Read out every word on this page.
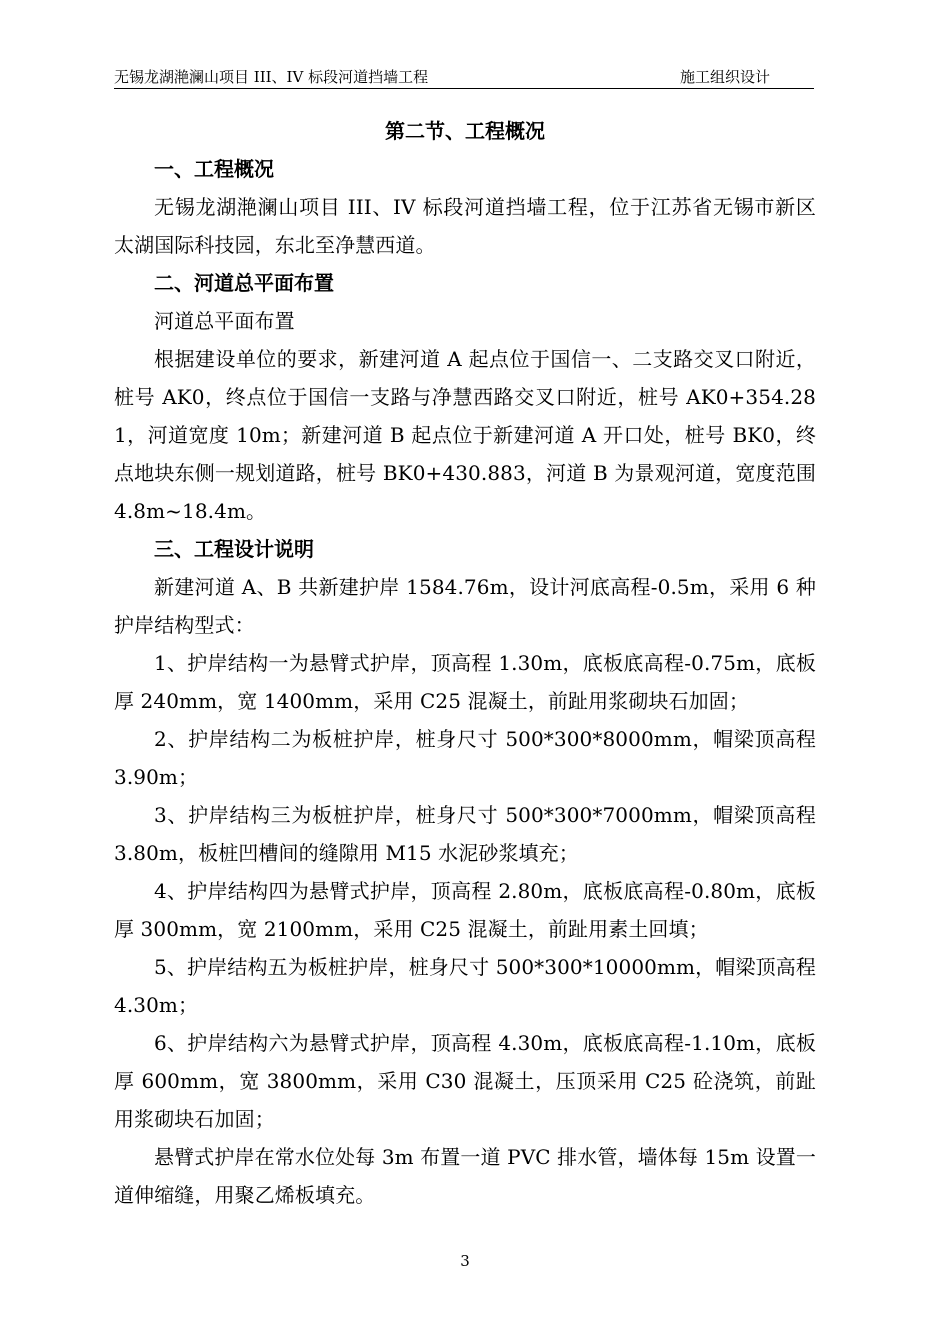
无锡龙湖滟澜山项目 III、IV 标段河道挡墙工程	施工组织设计
第二节、工程概况
一、工程概况

无锡龙湖滟澜山项目 III、IV 标段河道挡墙工程，位于江苏省无锡市新区太湖国际科技园，东北至净慧西道。

二、河道总平面布置

河道总平面布置

根据建设单位的要求，新建河道 A 起点位于国信一、二支路交叉口附近，桩号 AK0，终点位于国信一支路与净慧西路交叉口附近，桩号 AK0+354.281，河道宽度 10m；新建河道 B 起点位于新建河道 A 开口处，桩号 BK0，终点地块东侧一规划道路，桩号 BK0+430.883，河道 B 为景观河道，宽度范围 4.8m~18.4m。

三、工程设计说明

新建河道 A、B 共新建护岸 1584.76m，设计河底高程-0.5m，采用 6 种护岸结构型式：

1、护岸结构一为悬臂式护岸，顶高程 1.30m，底板底高程-0.75m，底板厚 240mm，宽 1400mm，采用 C25 混凝土，前趾用浆砌块石加固；

2、护岸结构二为板桩护岸，桩身尺寸 500*300*8000mm，帽梁顶高程 3.90m；

3、护岸结构三为板桩护岸，桩身尺寸 500*300*7000mm，帽梁顶高程 3.80m，板桩凹槽间的缝隙用 M15 水泥砂浆填充；

4、护岸结构四为悬臂式护岸，顶高程 2.80m，底板底高程-0.80m，底板厚 300mm，宽 2100mm，采用 C25 混凝土，前趾用素土回填；

5、护岸结构五为板桩护岸，桩身尺寸 500*300*10000mm，帽梁顶高程 4.30m；

6、护岸结构六为悬臂式护岸，顶高程 4.30m，底板底高程-1.10m，底板厚 600mm，宽 3800mm，采用 C30 混凝土，压顶采用 C25 砼浇筑，前趾用浆砌块石加固；

悬臂式护岸在常水位处每 3m 布置一道 PVC 排水管，墙体每 15m 设置一道伸缩缝，用聚乙烯板填充。

3
